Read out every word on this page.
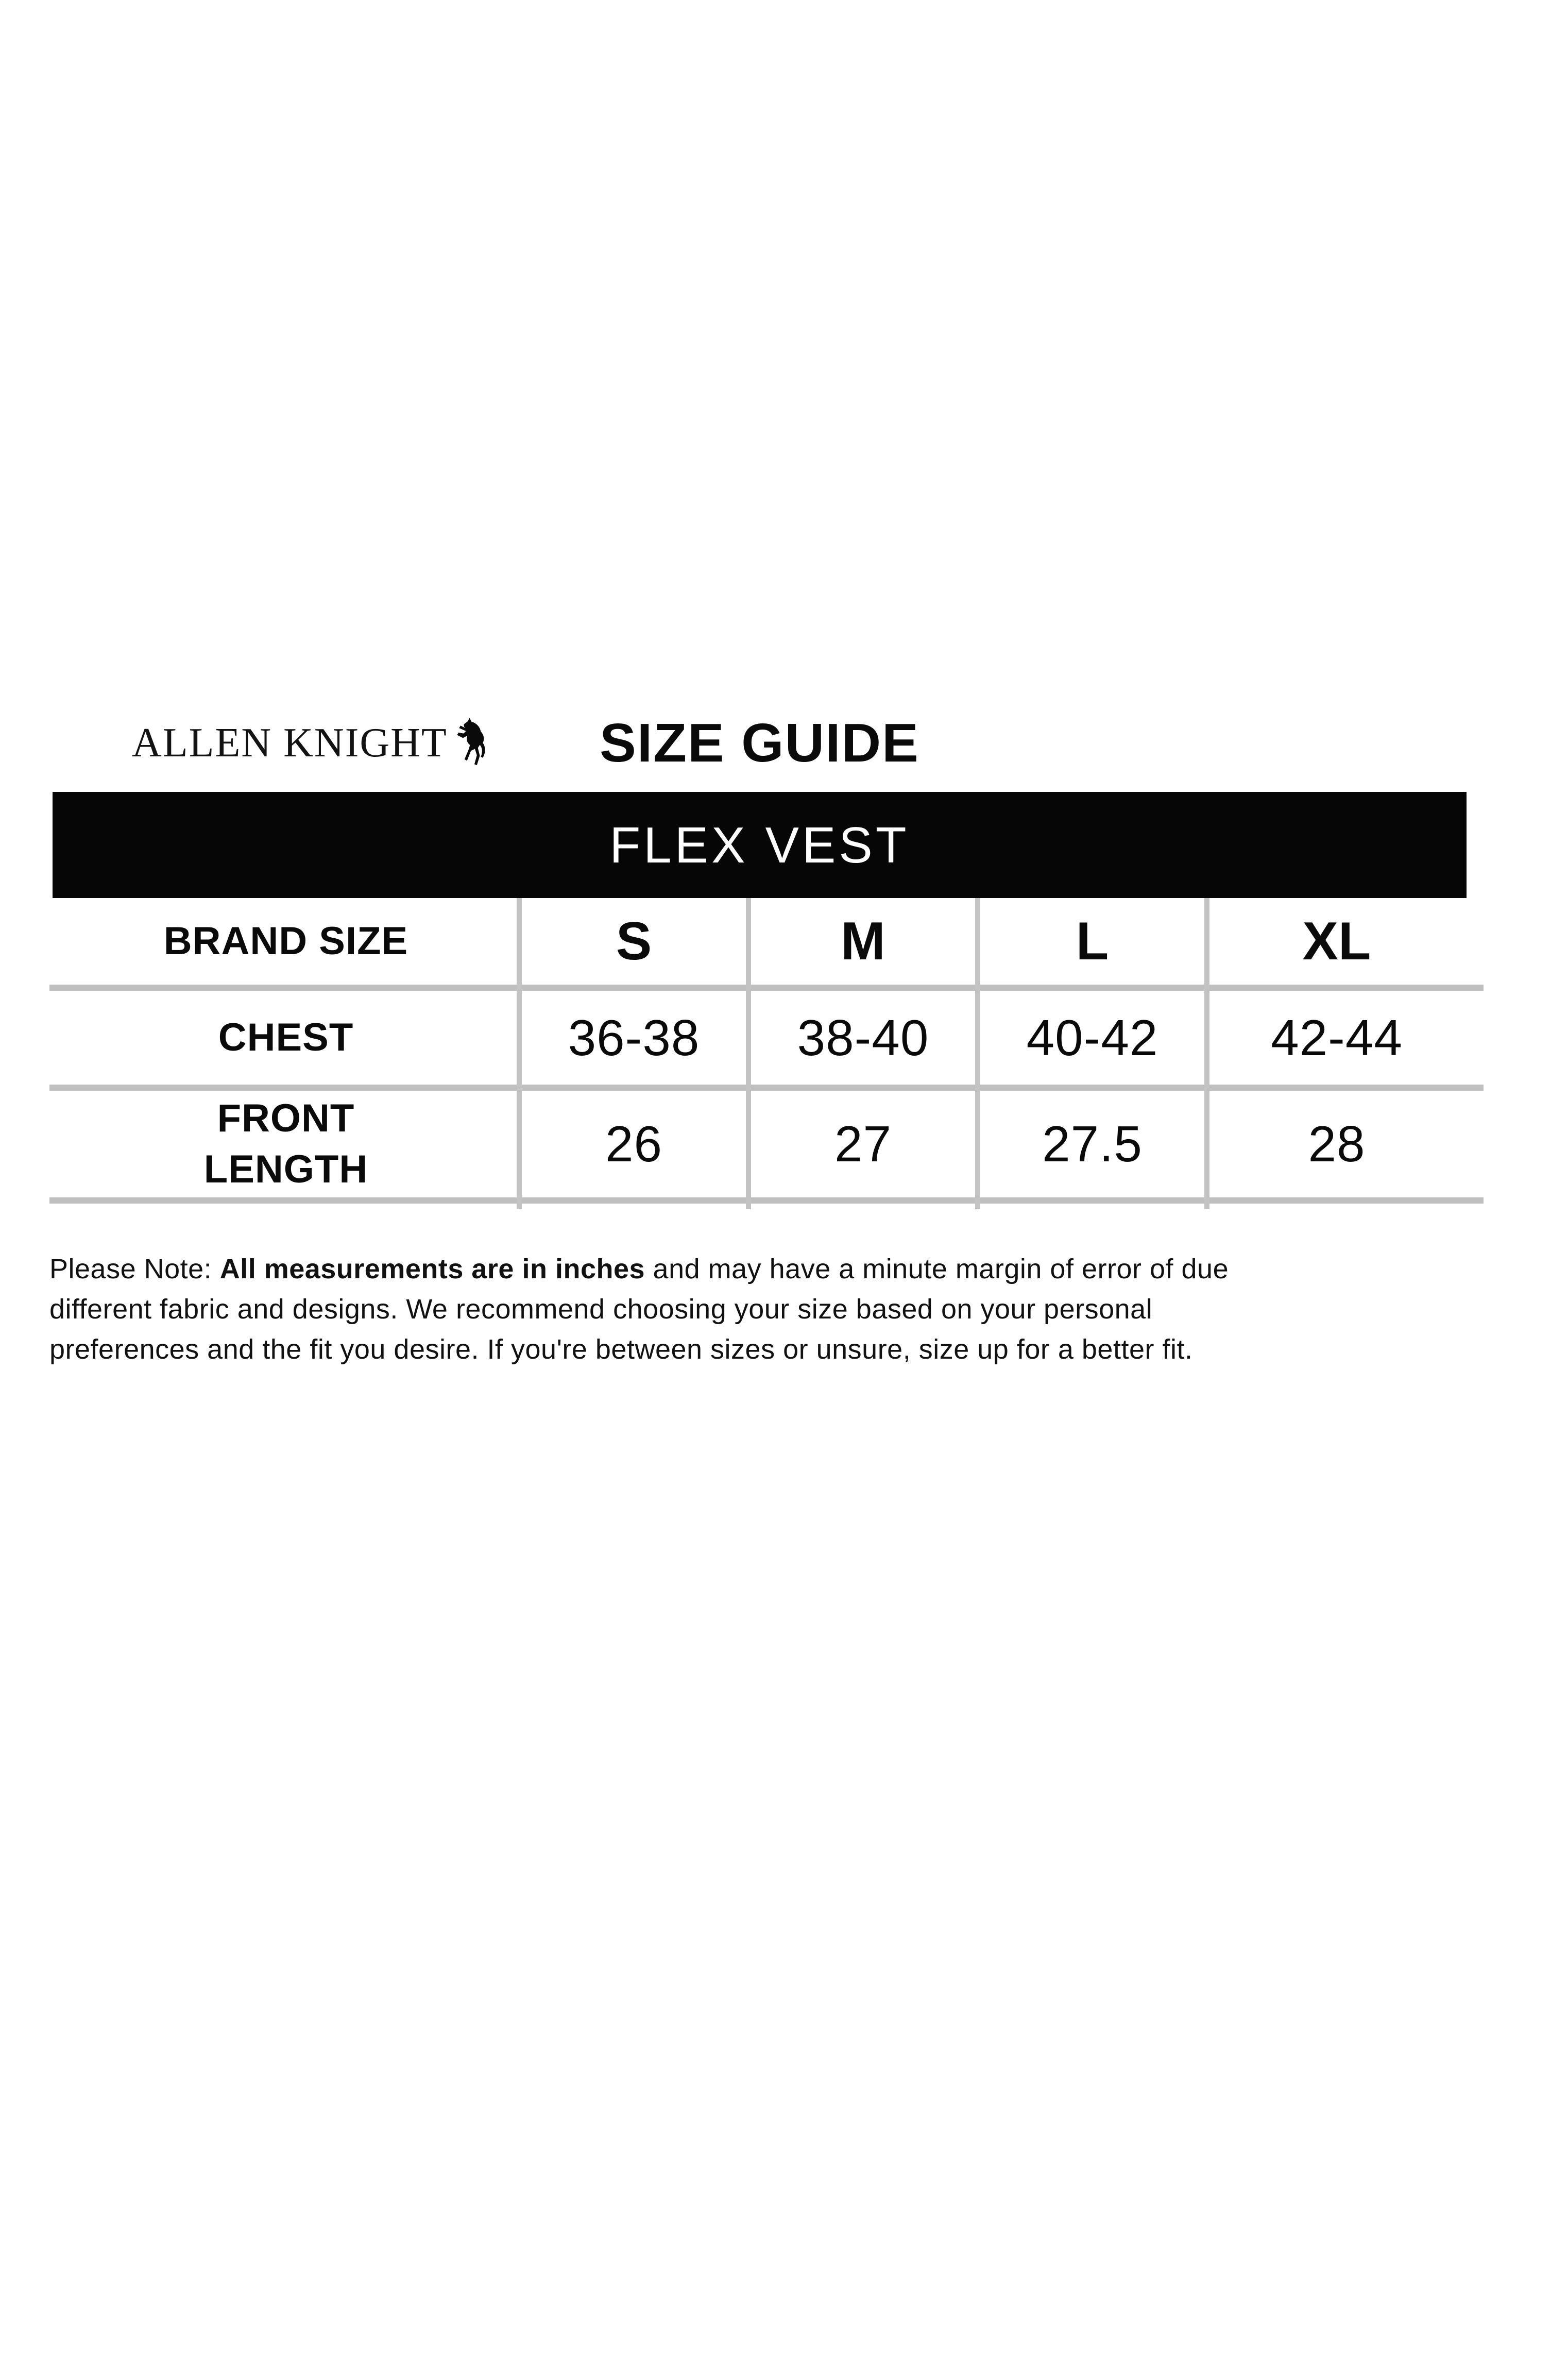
ALLEN KNIGHT	SIZE GUIDE
FLEX VEST
BRAND SIZE	S	M	L	XL
CHEST	36-38	38-40	40-42	42-44
FRONT LENGTH	26	27	27.5	28
Please Note: All measurements are in inches and may have a minute margin of error of due
different fabric and designs. We recommend choosing your size based on your personal
preferences and the fit you desire. If you're between sizes or unsure, size up for a better fit.
